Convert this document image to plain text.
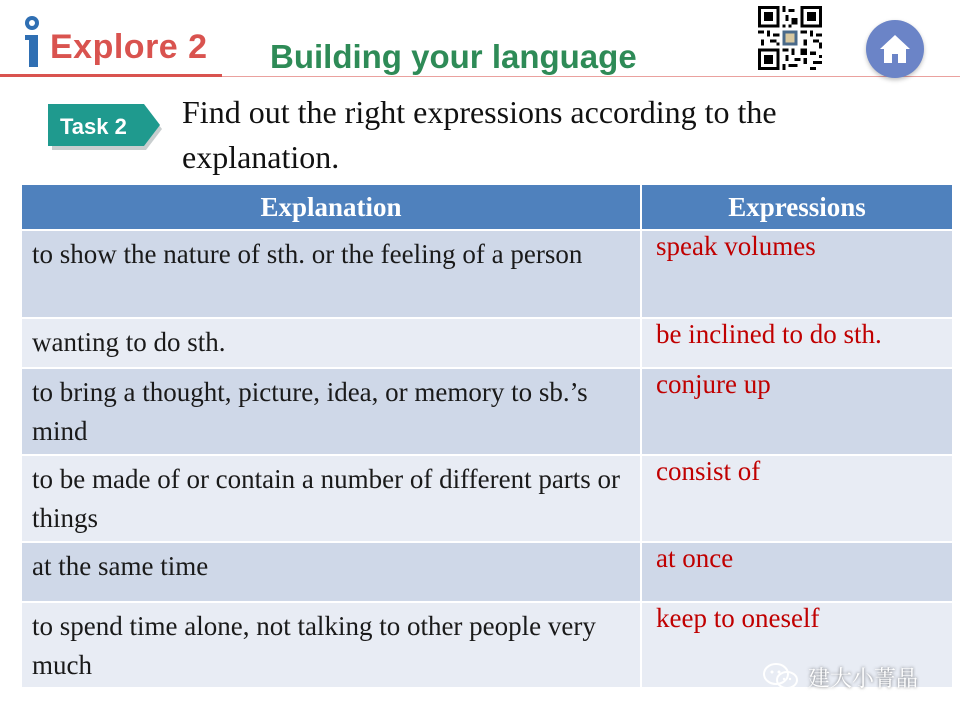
Explore 2 Building your language
Task 2 Find out the right expressions according to the explanation.
Explanation	Expressions
to show the nature of sth. or the feeling of a person	speak volumes
wanting to do sth.	be inclined to do sth.
to bring a thought, picture, idea, or memory to sb.’s mind	conjure up
to be made of or contain a number of different parts or things	consist of
at the same time	at once
to spend time alone, not talking to other people very much	keep to oneself
建大小菁晶
